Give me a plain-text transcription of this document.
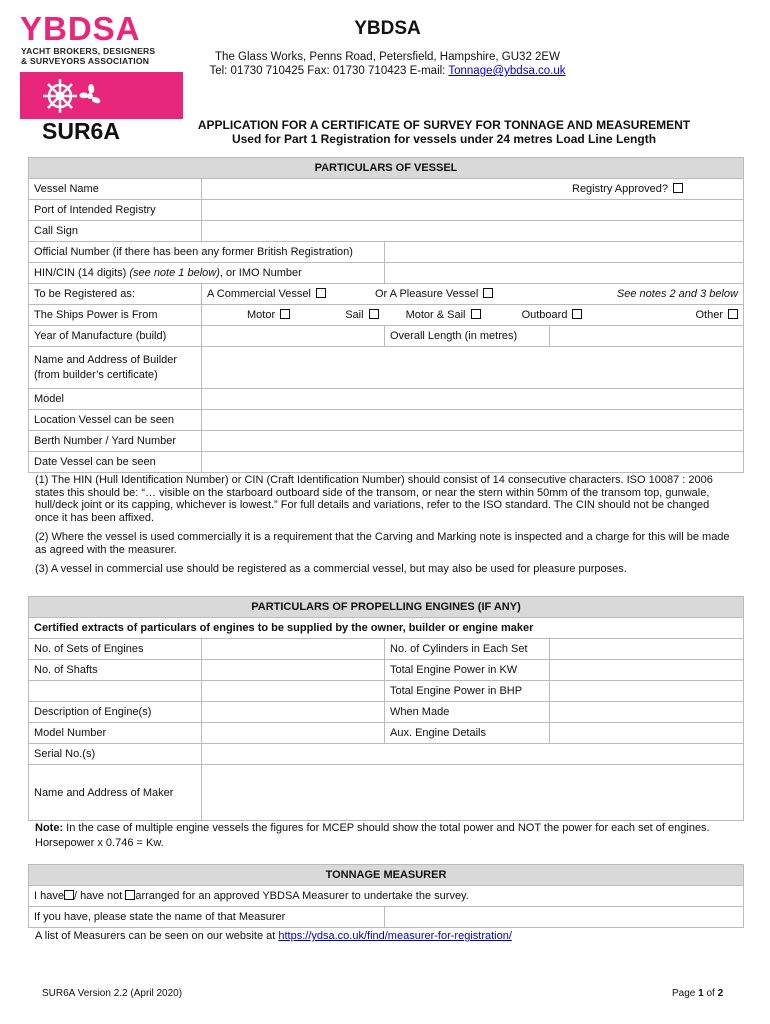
YBDSA
YACHT BROKERS, DESIGNERS
& SURVEYORS ASSOCIATION
YBDSA
The Glass Works, Penns Road, Petersfield, Hampshire, GU32 2EW
Tel: 01730 710425 Fax: 01730 710423 E-mail: Tonnage@ybdsa.co.uk
SUR6A	APPLICATION FOR A CERTIFICATE OF SURVEY FOR TONNAGE AND MEASUREMENT
Used for Part 1 Registration for vessels under 24 metres Load Line Length
PARTICULARS OF VESSEL			
Vessel Name	Registry Approved?		
Port of Intended Registry			
Call Sign			
Official Number (if there has been any former British Registration)			
HIN/CIN (14 digits) (see note 1 below), or IMO Number			
To be Registered as:	A Commercial Vessel Or A Pleasure Vessel See notes 2 and 3 below		

The Ships Power is From	Motor Sail Motor & Sail Outboard Other		

Year of Manufacture (build)		Overall Length (in metres)	

Name and Address of Builder
(from builder’s certificate)			

Model			
Location Vessel can be seen			
Berth Number / Yard Number			
Date Vessel can be seen			

(1) The HIN (Hull Identification Number) or CIN (Craft Identification Number) should consist of 14 consecutive characters. ISO 10087 : 2006 states this should be: “… visible on the starboard outboard side of the transom, or near the stern within 50mm of the transom top, gunwale, hull/deck joint or its capping, whichever is lowest.” For full details and variations, refer to the ISO standard. The CIN should not be changed once it has been affixed.

(2) Where the vessel is used commercially it is a requirement that the Carving and Marking note is inspected and a charge for this will be made as agreed with the measurer.

(3) A vessel in commercial use should be registered as a commercial vessel, but may also be used for pleasure purposes.

PARTICULARS OF PROPELLING ENGINES (IF ANY)			
Certified extracts of particulars of engines to be supplied by the owner, builder or engine maker			
No. of Sets of Engines		No. of Cylinders in Each Set	
No. of Shafts		Total Engine Power in KW	
		Total Engine Power in BHP	
Description of Engine(s)		When Made	
Model Number		Aux. Engine Details	
Serial No.(s)			
Name and Address of Maker			

Note: In the case of multiple engine vessels the figures for MCEP should show the total power and NOT the power for each set of engines. Horsepower x 0.746 = Kw.

TONNAGE MEASURER
I have / have not arranged for an approved YBDSA Measurer to undertake the survey.
If you have, please state the name of that Measurer	
A list of Measurers can be seen on our website at https://ydsa.co.uk/find/measurer-for-registration/
SUR6A Version 2.2 (April 2020)	Page 1 of 2
